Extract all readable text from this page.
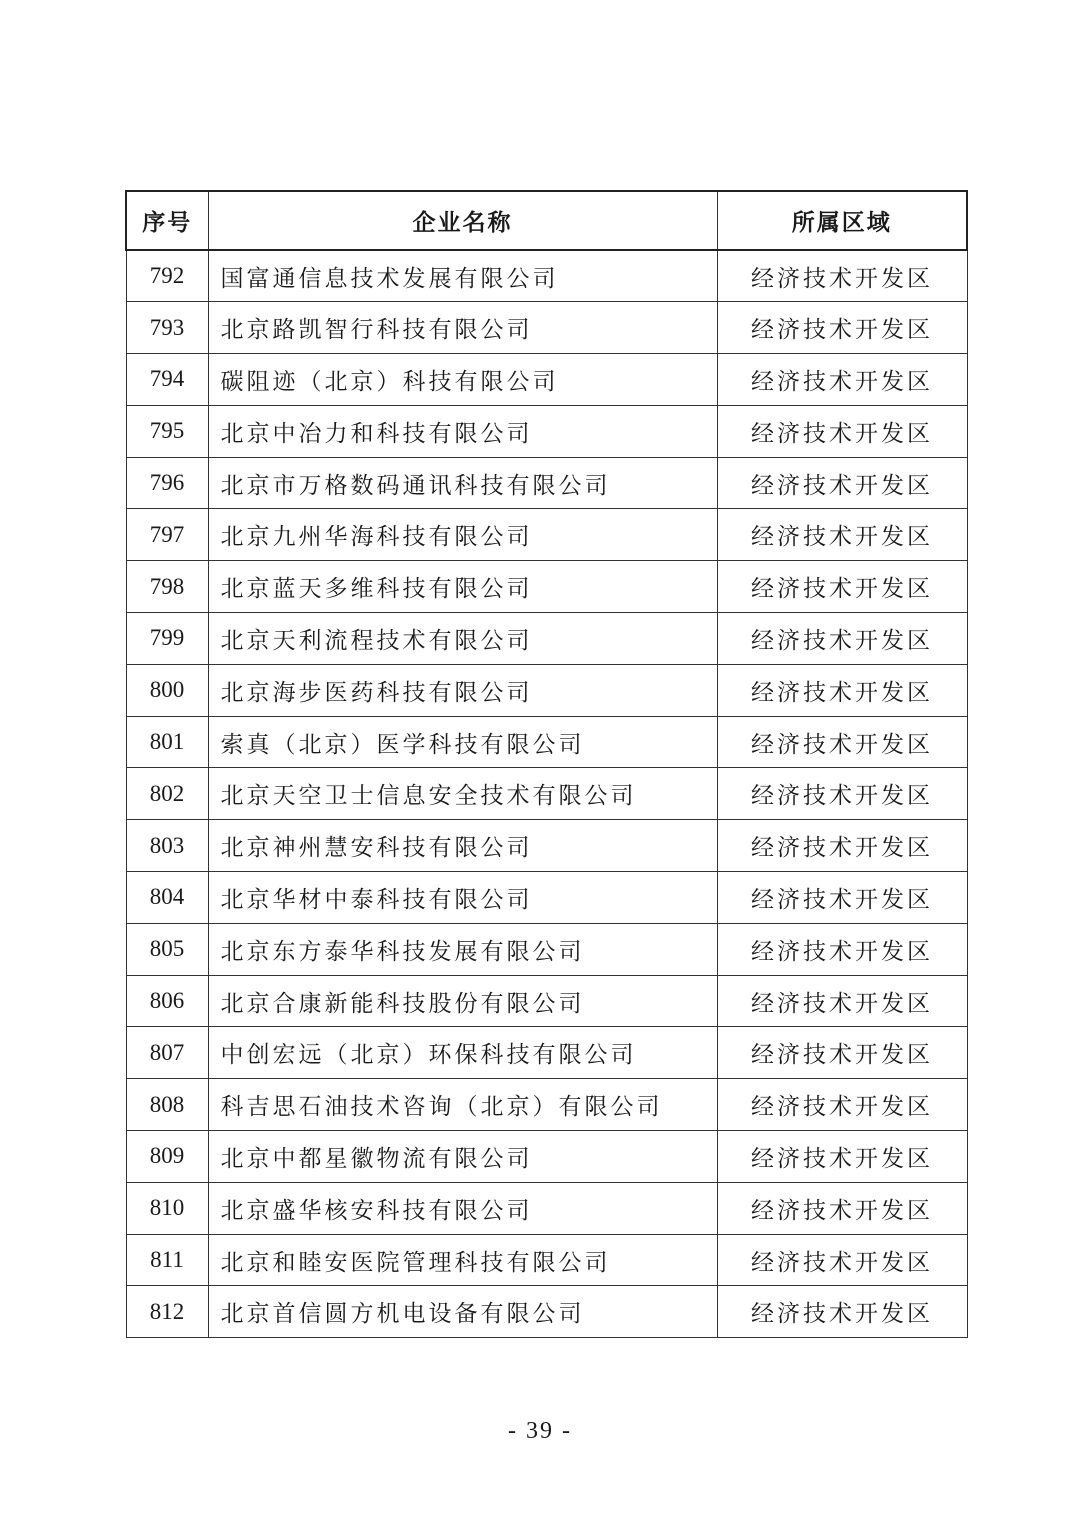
序号	企业名称	所属区域
792	国富通信息技术发展有限公司	经济技术开发区
793	北京路凯智行科技有限公司	经济技术开发区
794	碳阻迹（北京）科技有限公司	经济技术开发区
795	北京中冶力和科技有限公司	经济技术开发区
796	北京市万格数码通讯科技有限公司	经济技术开发区
797	北京九州华海科技有限公司	经济技术开发区
798	北京蓝天多维科技有限公司	经济技术开发区
799	北京天利流程技术有限公司	经济技术开发区
800	北京海步医药科技有限公司	经济技术开发区
801	索真（北京）医学科技有限公司	经济技术开发区
802	北京天空卫士信息安全技术有限公司	经济技术开发区
803	北京神州慧安科技有限公司	经济技术开发区
804	北京华材中泰科技有限公司	经济技术开发区
805	北京东方泰华科技发展有限公司	经济技术开发区
806	北京合康新能科技股份有限公司	经济技术开发区
807	中创宏远（北京）环保科技有限公司	经济技术开发区
808	科吉思石油技术咨询（北京）有限公司	经济技术开发区
809	北京中都星徽物流有限公司	经济技术开发区
810	北京盛华核安科技有限公司	经济技术开发区
811	北京和睦安医院管理科技有限公司	经济技术开发区
812	北京首信圆方机电设备有限公司	经济技术开发区
- 39 -
